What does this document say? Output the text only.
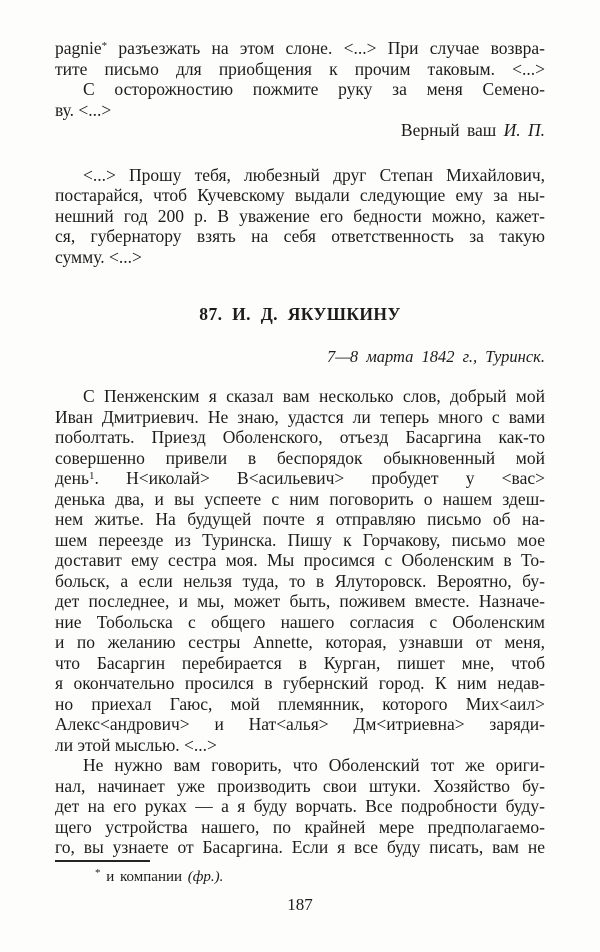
pagnie* разъезжать на этом слоне. <...> При случае возвра-
тите письмо для приобщения к прочим таковым. <...>
С осторожностию пожмите руку за меня Семено-
ву. <...>
Верный ваш И. П.
<...> Прошу тебя, любезный друг Степан Михайлович,
постарайся, чтоб Кучевскому выдали следующие ему за ны-
нешний год 200 р. В уважение его бедности можно, кажет-
ся, губернатору взять на себя ответственность за такую
сумму. <...>
87. И. Д. ЯКУШКИНУ
7—8 марта 1842 г., Туринск.
С Пенженским я сказал вам несколько слов, добрый мой
Иван Дмитриевич. Не знаю, удастся ли теперь много с вами
поболтать. Приезд Оболенского, отъезд Басаргина как-то
совершенно привели в беспорядок обыкновенный мой
день$^1$. Н<иколай> В<асильевич> пробудет у <вас>
денька два, и вы успеете с ним поговорить о нашем здеш-
нем житье. На будущей почте я отправляю письмо об на-
шем переезде из Туринска. Пишу к Горчакову, письмо мое
доставит ему сестра моя. Мы просимся с Оболенским в То-
больск, а если нельзя туда, то в Ялуторовск. Вероятно, бу-
дет последнее, и мы, может быть, поживем вместе. Назначе-
ние Тобольска с общего нашего согласия с Оболенским
и по желанию сестры Annette, которая, узнавши от меня,
что Басаргин перебирается в Курган, пишет мне, чтоб
я окончательно просился в губернский город. К ним недав-
но приехал Гаюс, мой племянник, которого Мих<аил>
Алекс<андрович> и Нат<алья> Дм<итриевна> заряди-
ли этой мыслью. <...>
Не нужно вам говорить, что Оболенский тот же ориги-
нал, начинает уже производить свои штуки. Хозяйство бу-
дет на его руках — а я буду ворчать. Все подробности буду-
щего устройства нашего, по крайней мере предполагаемо-
го, вы узнаете от Басаргина. Если я все буду писать, вам не
* и компании (фр.).
187
